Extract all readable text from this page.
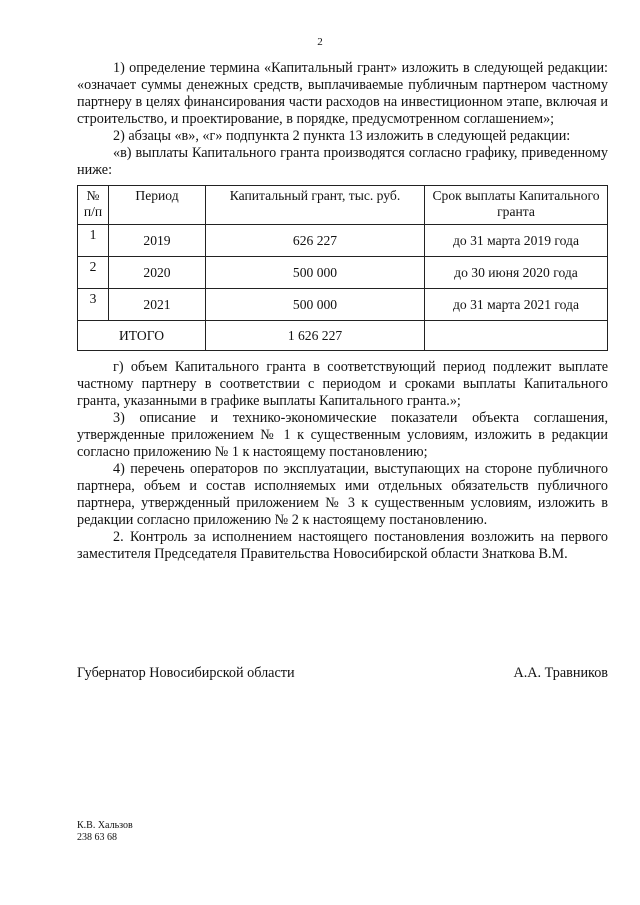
2

1) определение термина «Капитальный грант» изложить в следующей редакции: «означает суммы денежных средств, выплачиваемые публичным партнером частному партнеру в целях финансирования части расходов на инвестиционном этапе, включая и строительство, и проектирование, в порядке, предусмотренном соглашением»;

2) абзацы «в», «г» подпункта 2 пункта 13 изложить в следующей редакции:

«в) выплаты Капитального гранта производятся согласно графику, приведенному ниже:

№ п/п	Период	Капитальный грант, тыс. руб.	Срок выплаты Капитального гранта
1	2019	626 227	до 31 марта 2019 года
2	2020	500 000	до 30 июня 2020 года
3	2021	500 000	до 31 марта 2021 года
ИТОГО		1 626 227	

г) объем Капитального гранта в соответствующий период подлежит выплате частному партнеру в соответствии с периодом и сроками выплаты Капитального гранта, указанными в графике выплаты Капитального гранта.»;

3) описание и технико-экономические показатели объекта соглашения, утвержденные приложением № 1 к существенным условиям, изложить в редакции согласно приложению № 1 к настоящему постановлению;

4) перечень операторов по эксплуатации, выступающих на стороне публичного партнера, объем и состав исполняемых ими отдельных обязательств публичного партнера, утвержденный приложением № 3 к существенным условиям, изложить в редакции согласно приложению № 2 к настоящему постановлению.

2. Контроль за исполнением настоящего постановления возложить на первого заместителя Председателя Правительства Новосибирской области Знаткова В.М.

Губернатор Новосибирской области	А.А. Травников
К.В. Хальзов
238 63 68
